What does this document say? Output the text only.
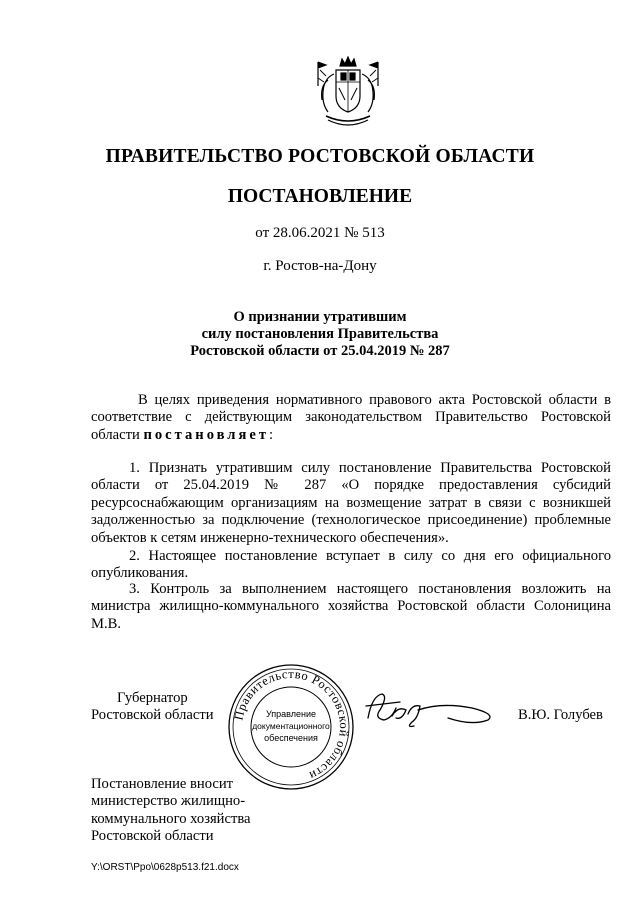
ПРАВИТЕЛЬСТВО РОСТОВСКОЙ ОБЛАСТИ
ПОСТАНОВЛЕНИЕ
от 28.06.2021 № 513
г. Ростов-на-Дону
О признании утратившим
силу постановления Правительства
Ростовской области от 25.04.2019 № 287
В целях приведения нормативного правового акта Ростовской области в соответствие с действующим законодательством Правительство Ростовской области постановляет:
1. Признать утратившим силу постановление Правительства Ростовской области от 25.04.2019 № 287 «О порядке предоставления субсидий ресурсоснабжающим организациям на возмещение затрат в связи с возникшей задолженностью за подключение (технологическое присоединение) проблемные объектов к сетям инженерно-технического обеспечения».
2. Настоящее постановление вступает в силу со дня его официального опубликования.
3. Контроль за выполнением настоящего постановления возложить на министра жилищно-коммунального хозяйства Ростовской области Солоницина М.В.
Губернатор
Ростовской области Правительство Ростовской области
Управление
документационного
обеспечения
В.Ю. Голубев
Постановление вносит
министерство жилищно-
коммунального хозяйства
Ростовской области
Y:\ORST\Ppo\0628p513.f21.docx
